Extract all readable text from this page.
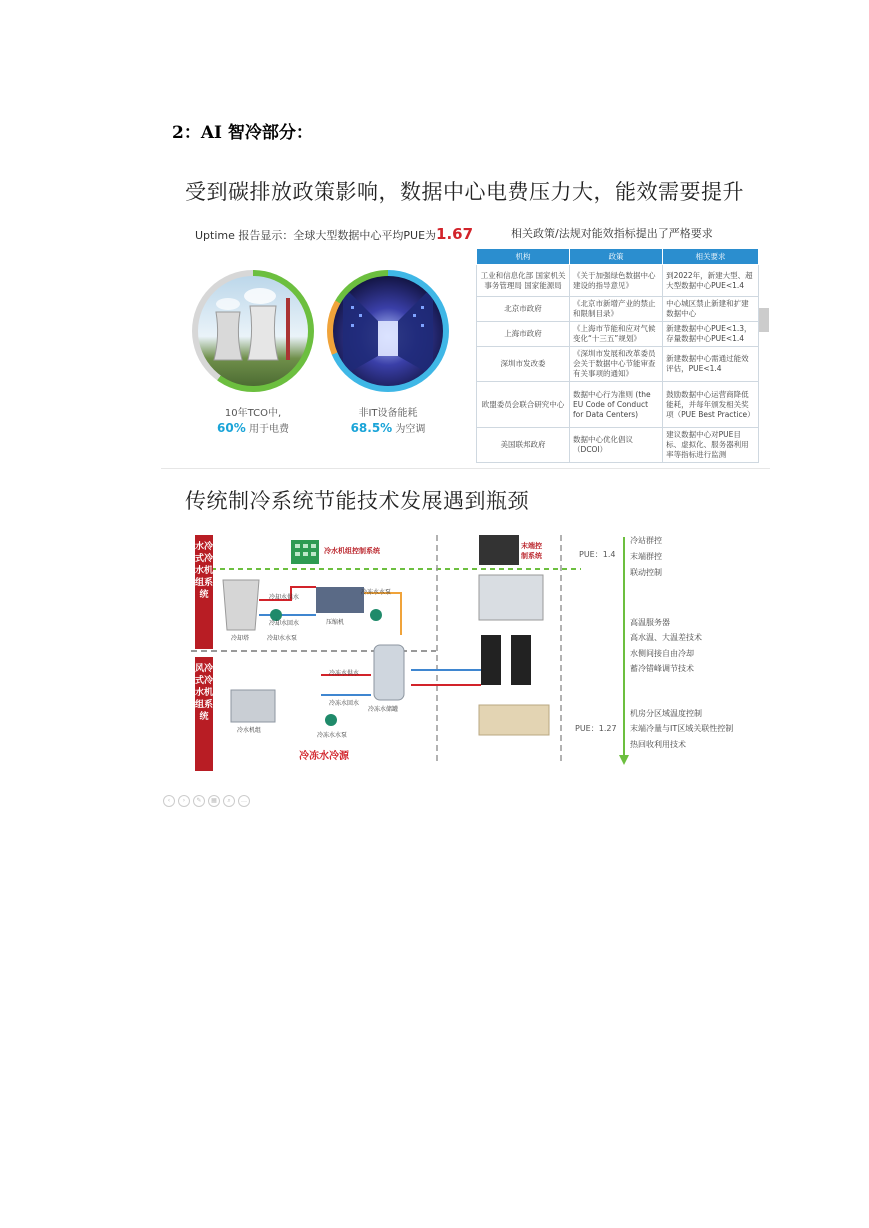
2：AI 智冷部分：
受到碳排放政策影响，数据中心电费压力大，能效需要提升
Uptime 报告显示：全球大型数据中心平均PUE为1.67	相关政策/法规对能效指标提出了严格要求
10年TCO中,
60% 用于电费
非IT设备能耗
68.5% 为空调
机构	政策	相关要求
工业和信息化部 国家机关事务管理局 国家能源局	《关于加强绿色数据中心建设的指导意见》	到2022年，新建大型、超大型数据中心PUE<1.4
北京市政府	《北京市新增产业的禁止和限制目录》	中心城区禁止新建和扩建数据中心
上海市政府	《上海市节能和应对气候变化“十三五”规划》	新建数据中心PUE<1.3，存量数据中心PUE<1.4
深圳市发改委	《深圳市发展和改革委员会关于数据中心节能审查有关事项的通知》	新建数据中心需通过能效评估，PUE<1.4
欧盟委员会联合研究中心	数据中心行为准则 (the EU Code of Conduct for Data Centers)	鼓励数据中心运营商降低能耗，并每年颁发相关奖项（PUE Best Practice）
美国联邦政府	数据中心优化倡议（DCOI）	建议数据中心对PUE目标、虚拟化、服务器利用率等指标进行监测
传统制冷系统节能技术发展遇到瓶颈
水冷式冷水机组系统
风冷式冷水机组系统
冷水机组控制系统
末端控制系统
冷冻水冷源
冷却塔	冷却水水泵
压缩机
冷冻水水泵
冷冻水储罐
冷水机组
冷冻水水泵
冷却水供水
冷却水回水
冷冻水供水
冷冻水回水
PUE：1.4
PUE：1.27
冷站群控
末端群控
联动控制
高温服务器
高水温、大温差技术
水侧间接自由冷却
蓄冷错峰调节技术
机房分区域温度控制
末端冷量与IT区域关联性控制
热回收利用技术
‹	›	✎	▦	⌕	…
